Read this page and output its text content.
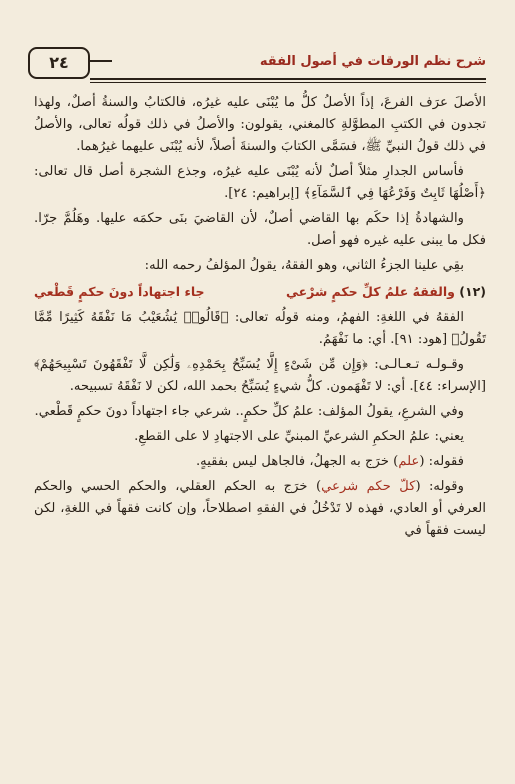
٢٤	شرح نظم الورقات في أصول الفقه

الأصلَ عرَف الفرعَ، إذاً الأصلُ كلُّ ما يُبْنَى عليه غيرُه، فالكتابُ والسنةُ أصلٌ، ولهذا تجدون في الكتبِ المطوَّلةِ كالمغني، يقولون: والأصلُ في ذلك قولُه تعالى، والأصلُ في ذلك قولُ النبيِّ ﷺ، فسَمَّى الكتابَ والسنةَ أصلاً، لأنه يُبْنَى عليهما غيرُهما.

فأساس الجدارِ مثلاً أصلٌ لأنه يُبْنَى عليه غيرُه، وجذع الشجرة أصل قال تعالى: ﴿أَصْلُهَا ثَابِتٌ وَفَرْعُهَا فِي ٱلسَّمَآءِ﴾ [إبراهيم: ٢٤].

والشهادةُ إذا حكَم بها القاضي أصلٌ، لأن القاضيَ بنَى حكمَه عليها. وهَلُمَّ جرّا. فكل ما يبنى عليه غيره فهو أصل.

بقِي علينا الجزءُ الثاني، وهو الفقهُ، يقولُ المؤلفُ رحمه الله:

(١٢) والفقهُ علمُ كلِّ حكمٍ شرْعي
جاء اجتهاداً دونَ حكمٍ قَطْعي

الفقهُ في اللغةِ: الفهمُ، ومنه قولُه تعالى: ﴿قَالُوا۟ يَٰشُعَيْبُ مَا نَفْقَهُ كَثِيرًا مِّمَّا تَقُولُ﴾ [هود: ٩١]. أي: ما نَفْهَمُ.

وقـولـه تـعـالـى: ﴿وَإِن مِّن شَىْءٍ إِلَّا يُسَبِّحُ بِحَمْدِهِۦ وَلَٰكِن لَّا تَفْقَهُونَ تَسْبِيحَهُمْ﴾ [الإسراء: ٤٤]. أي: لا تَفْهَمون. كلُّ شيءٍ يُسَبِّحُ بحمد الله، لكن لا نَفْقَهُ تسبيحه.

وفي الشرعِ، يقولُ المؤلف: علمُ كلِّ حكمٍ.. شرعي جاء اجتهاداً دونَ حكمٍ قَطْعي.

يعني: علمُ الحكمِ الشرعيِّ المبنيِّ على الاجتهادِ لا على القطعِ.

فقوله: (علم) خرَج به الجهلُ، فالجاهل ليس بفقيهٍ.

وقوله: (كلّ حكم شرعي) خرَج به الحكم العقلي، والحكم الحسي والحكم العرفي أو العادي، فهذه لا تَدْخُلُ في الفقهِ اصطلاحاً، وإن كانت فقهاً في اللغةِ، لكن ليست فقهاً في
